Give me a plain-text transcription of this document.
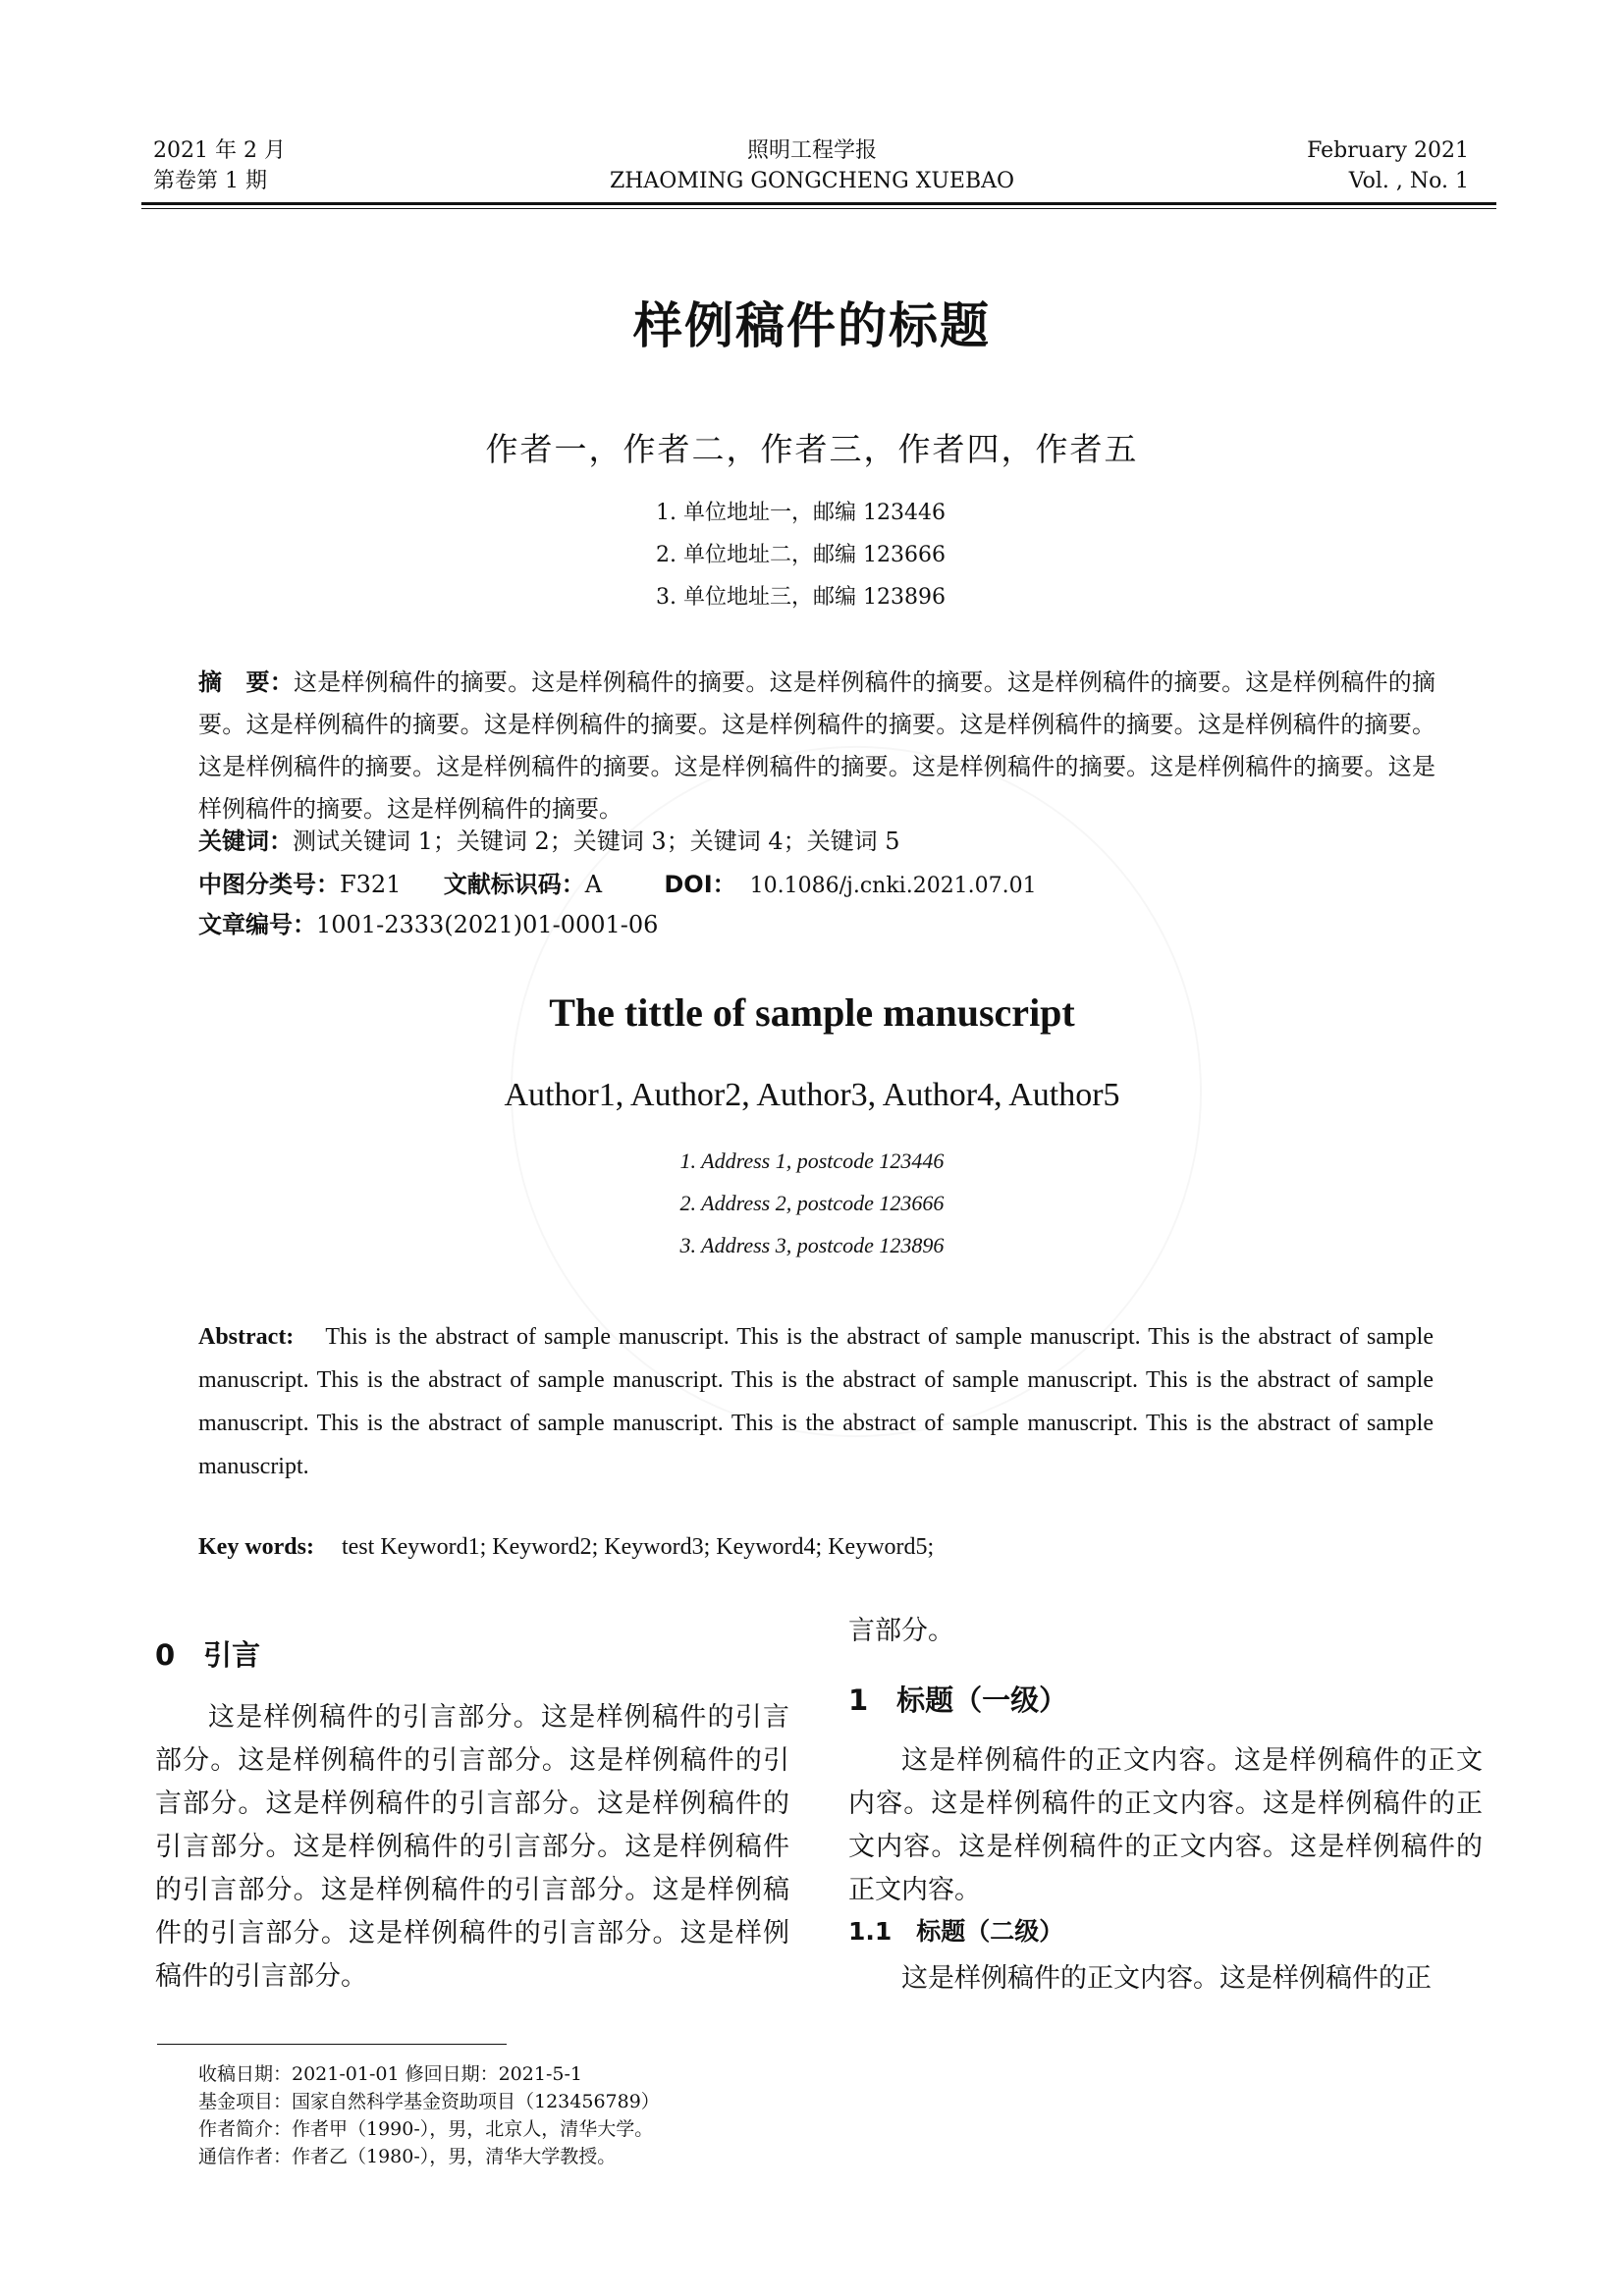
2021 年 2 月
第卷第 1 期
照明工程学报
ZHAOMING GONGCHENG XUEBAO
February 2021
Vol. , No. 1
样例稿件的标题
作者一，作者二，作者三，作者四，作者五
1. 单位地址一，邮编 123446
2. 单位地址二，邮编 123666
3. 单位地址三，邮编 123896
摘　要：这是样例稿件的摘要。这是样例稿件的摘要。这是样例稿件的摘要。这是样例稿件的摘要。这是样例稿件的摘要。这是样例稿件的摘要。这是样例稿件的摘要。这是样例稿件的摘要。这是样例稿件的摘要。这是样例稿件的摘要。这是样例稿件的摘要。这是样例稿件的摘要。这是样例稿件的摘要。这是样例稿件的摘要。这是样例稿件的摘要。这是样例稿件的摘要。这是样例稿件的摘要。
关键词：测试关键词 1；关键词 2；关键词 3；关键词 4；关键词 5
中图分类号：F321 文献标识码：A	DOI： 10.1086/j.cnki.2021.07.01
文章编号：1001-2333(2021)01-0001-06
The tittle of sample manuscript
Author1, Author2, Author3, Author4, Author5
1. Address 1, postcode 123446
2. Address 2, postcode 123666
3. Address 3, postcode 123896
Abstract: This is the abstract of sample manuscript. This is the abstract of sample manuscript. This is the abstract of sample manuscript. This is the abstract of sample manuscript. This is the abstract of sample manuscript. This is the abstract of sample manuscript. This is the abstract of sample manuscript. This is the abstract of sample manuscript. This is the abstract of sample manuscript.
Key words: test Keyword1; Keyword2; Keyword3; Keyword4; Keyword5;
0　引言
这是样例稿件的引言部分。这是样例稿件的引言部分。这是样例稿件的引言部分。这是样例稿件的引言部分。这是样例稿件的引言部分。这是样例稿件的引言部分。这是样例稿件的引言部分。这是样例稿件的引言部分。这是样例稿件的引言部分。这是样例稿件的引言部分。这是样例稿件的引言部分。这是样例稿件的引言部分。
言部分。
1　标题（一级）
这是样例稿件的正文内容。这是样例稿件的正文内容。这是样例稿件的正文内容。这是样例稿件的正文内容。这是样例稿件的正文内容。这是样例稿件的正文内容。
1.1　标题（二级）
这是样例稿件的正文内容。这是样例稿件的正
收稿日期：2021-01-01 修回日期：2021-5-1
基金项目：国家自然科学基金资助项目（123456789）
作者简介：作者甲（1990-），男，北京人，清华大学。
通信作者：作者乙（1980-），男，清华大学教授。
